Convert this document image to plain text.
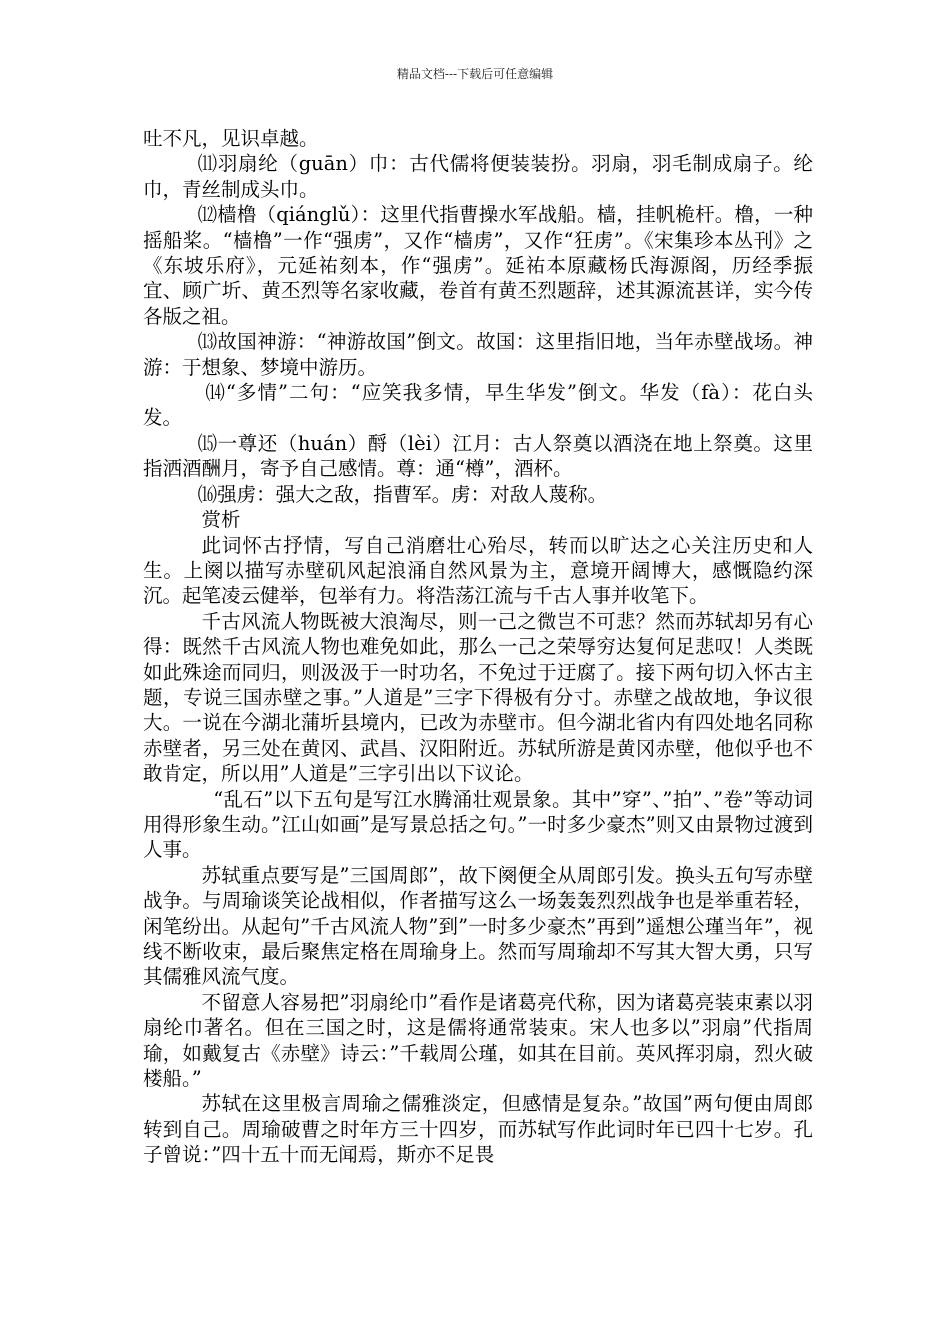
精品文档---下载后可任意编辑

吐不凡，见识卓越。

⑾羽扇纶（guān）巾：古代儒将便装装扮。羽扇，羽毛制成扇子。纶巾，青丝制成头巾。

⑿樯橹（qiánglǔ）：这里代指曹操水军战船。樯，挂帆桅杆。橹，一种摇船桨。“樯橹”一作“强虏”，又作“樯虏”，又作“狂虏”。《宋集珍本丛刊》之《东坡乐府》，元延祐刻本，作“强虏”。延祐本原藏杨氏海源阁，历经季振宜、顾广圻、黄丕烈等名家收藏，卷首有黄丕烈题辞，述其源流甚详，实今传各版之祖。

⒀故国神游：“神游故国”倒文。故国：这里指旧地，当年赤壁战场。神游：于想象、梦境中游历。

⒁“多情”二句：“应笑我多情，早生华发”倒文。华发（fà）：花白头发。

⒂一尊还（huán）酹（lèi）江月：古人祭奠以酒浇在地上祭奠。这里指洒酒酬月，寄予自己感情。尊：通“樽”，酒杯。

⒃强虏：强大之敌，指曹军。虏：对敌人蔑称。

赏析

此词怀古抒情，写自己消磨壮心殆尽，转而以旷达之心关注历史和人生。上阕以描写赤壁矶风起浪涌自然风景为主，意境开阔博大，感慨隐约深沉。起笔凌云健举，包举有力。将浩荡江流与千古人事并收笔下。

千古风流人物既被大浪淘尽，则一己之微岂不可悲？然而苏轼却另有心得：既然千古风流人物也难免如此，那么一己之荣辱穷达复何足悲叹！人类既如此殊途而同归，则汲汲于一时功名，不免过于迂腐了。接下两句切入怀古主题，专说三国赤壁之事。”人道是”三字下得极有分寸。赤壁之战故地，争议很大。一说在今湖北蒲圻县境内，已改为赤壁市。但今湖北省内有四处地名同称赤壁者，另三处在黄冈、武昌、汉阳附近。苏轼所游是黄冈赤壁，他似乎也不敢肯定，所以用”人道是”三字引出以下议论。

“乱石”以下五句是写江水腾涌壮观景象。其中”穿”、”拍”、”卷”等动词用得形象生动。”江山如画”是写景总括之句。”一时多少豪杰”则又由景物过渡到人事。

苏轼重点要写是”三国周郎”，故下阕便全从周郎引发。换头五句写赤壁战争。与周瑜谈笑论战相似，作者描写这么一场轰轰烈烈战争也是举重若轻，闲笔纷出。从起句”千古风流人物”到”一时多少豪杰”再到”遥想公瑾当年”，视线不断收束，最后聚焦定格在周瑜身上。然而写周瑜却不写其大智大勇，只写其儒雅风流气度。

不留意人容易把”羽扇纶巾”看作是诸葛亮代称，因为诸葛亮装束素以羽扇纶巾著名。但在三国之时，这是儒将通常装束。宋人也多以”羽扇”代指周瑜，如戴复古《赤壁》诗云：”千载周公瑾，如其在目前。英风挥羽扇，烈火破楼船。”

苏轼在这里极言周瑜之儒雅淡定，但感情是复杂。”故国”两句便由周郎转到自己。周瑜破曹之时年方三十四岁，而苏轼写作此词时年已四十七岁。孔子曾说：”四十五十而无闻焉，斯亦不足畏
